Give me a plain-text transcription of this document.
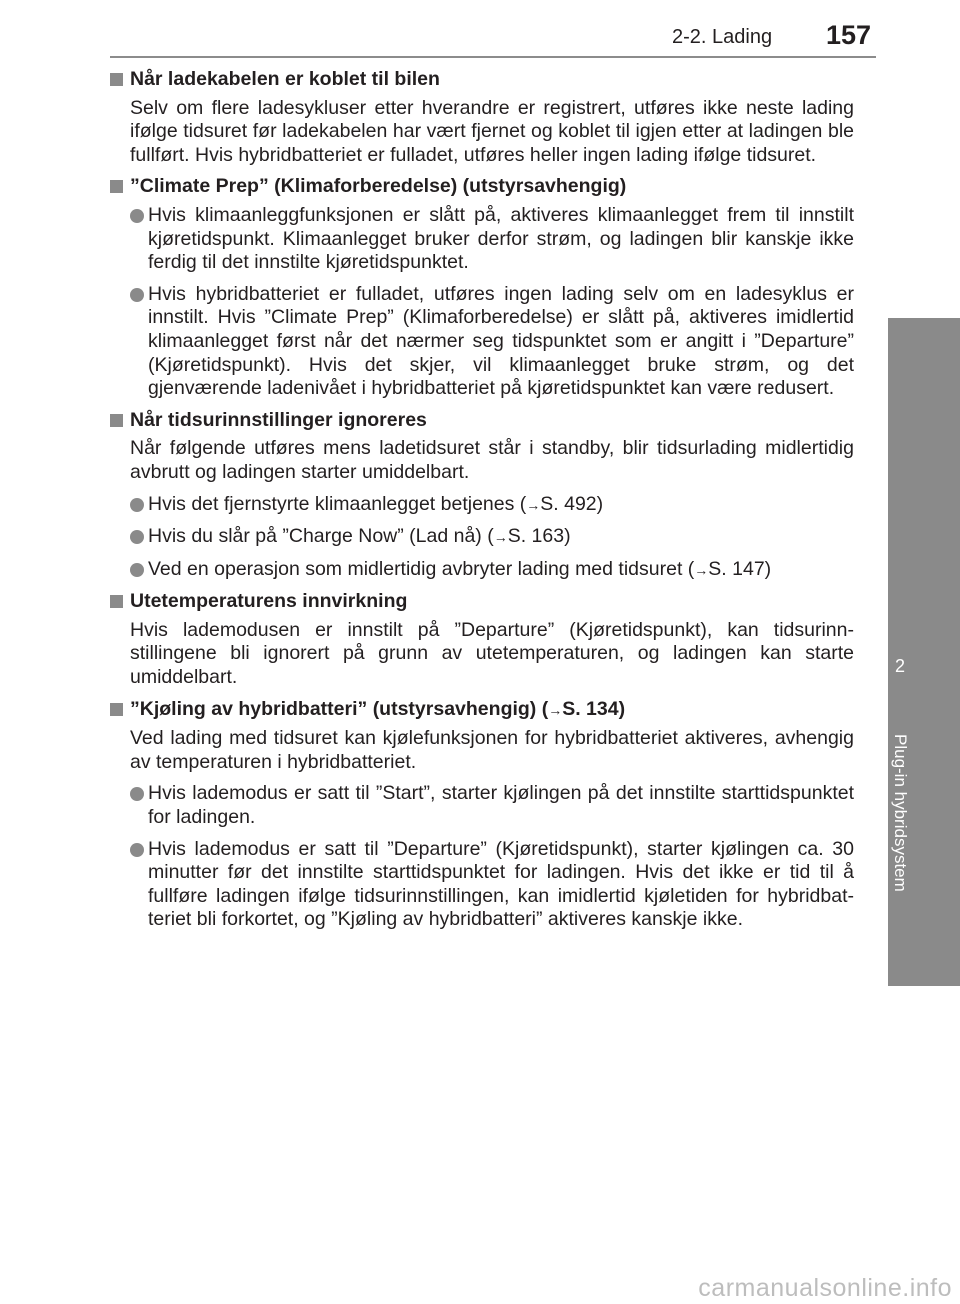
2-2. Lading 157
2
Plug-in hybridsystem
Når ladekabelen er koblet til bilen
Selv om flere ladesykluser etter hverandre er registrert, utføres ikke neste lading ifølge tidsuret før ladekabelen har vært fjernet og koblet til igjen etter at ladingen ble fullført. Hvis hybridbatteriet er fulladet, utføres heller ingen lading ifølge tidsuret.
”Climate Prep” (Klimaforberedelse) (utstyrsavhengig)
Hvis klimaanleggfunksjonen er slått på, aktiveres klimaanlegget frem til innstilt kjøretidspunkt. Klimaanlegget bruker derfor strøm, og ladingen blir kanskje ikke ferdig til det innstilte kjøretidspunktet.
Hvis hybridbatteriet er fulladet, utføres ingen lading selv om en ladesyklus er innstilt. Hvis ”Climate Prep” (Klimaforberedelse) er slått på, aktiveres imidlertid klimaanlegget først når det nærmer seg tidspunktet som er angitt i ”Departure” (Kjøretidspunkt). Hvis det skjer, vil klimaanlegget bruke strøm, og det gjenværende ladenivået i hybridbatteriet på kjøretidspunktet kan være redusert.
Når tidsurinnstillinger ignoreres
Når følgende utføres mens ladetidsuret står i standby, blir tidsurlading midlertidig avbrutt og ladingen starter umiddelbart.
Hvis det fjernstyrte klimaanlegget betjenes (→S. 492)
Hvis du slår på ”Charge Now” (Lad nå) (→S. 163)
Ved en operasjon som midlertidig avbryter lading med tidsuret (→S. 147)
Utetemperaturens innvirkning
Hvis lademodusen er innstilt på ”Departure” (Kjøretidspunkt), kan tidsurinnstillingene bli ignorert på grunn av utetemperaturen, og ladingen kan starte umiddelbart.
”Kjøling av hybridbatteri” (utstyrsavhengig) (→S. 134)
Ved lading med tidsuret kan kjølefunksjonen for hybridbatteriet aktiveres, avhengig av temperaturen i hybridbatteriet.
Hvis lademodus er satt til ”Start”, starter kjølingen på det innstilte starttidspunktet for ladingen.
Hvis lademodus er satt til ”Departure” (Kjøretidspunkt), starter kjølingen ca. 30 minutter før det innstilte starttidspunktet for ladingen. Hvis det ikke er tid til å fullføre ladingen ifølge tidsurinnstillingen, kan imidlertid kjøletiden for hybridbatteriet bli forkortet, og ”Kjøling av hybridbatteri” aktiveres kanskje ikke.
carmanualsonline.info
